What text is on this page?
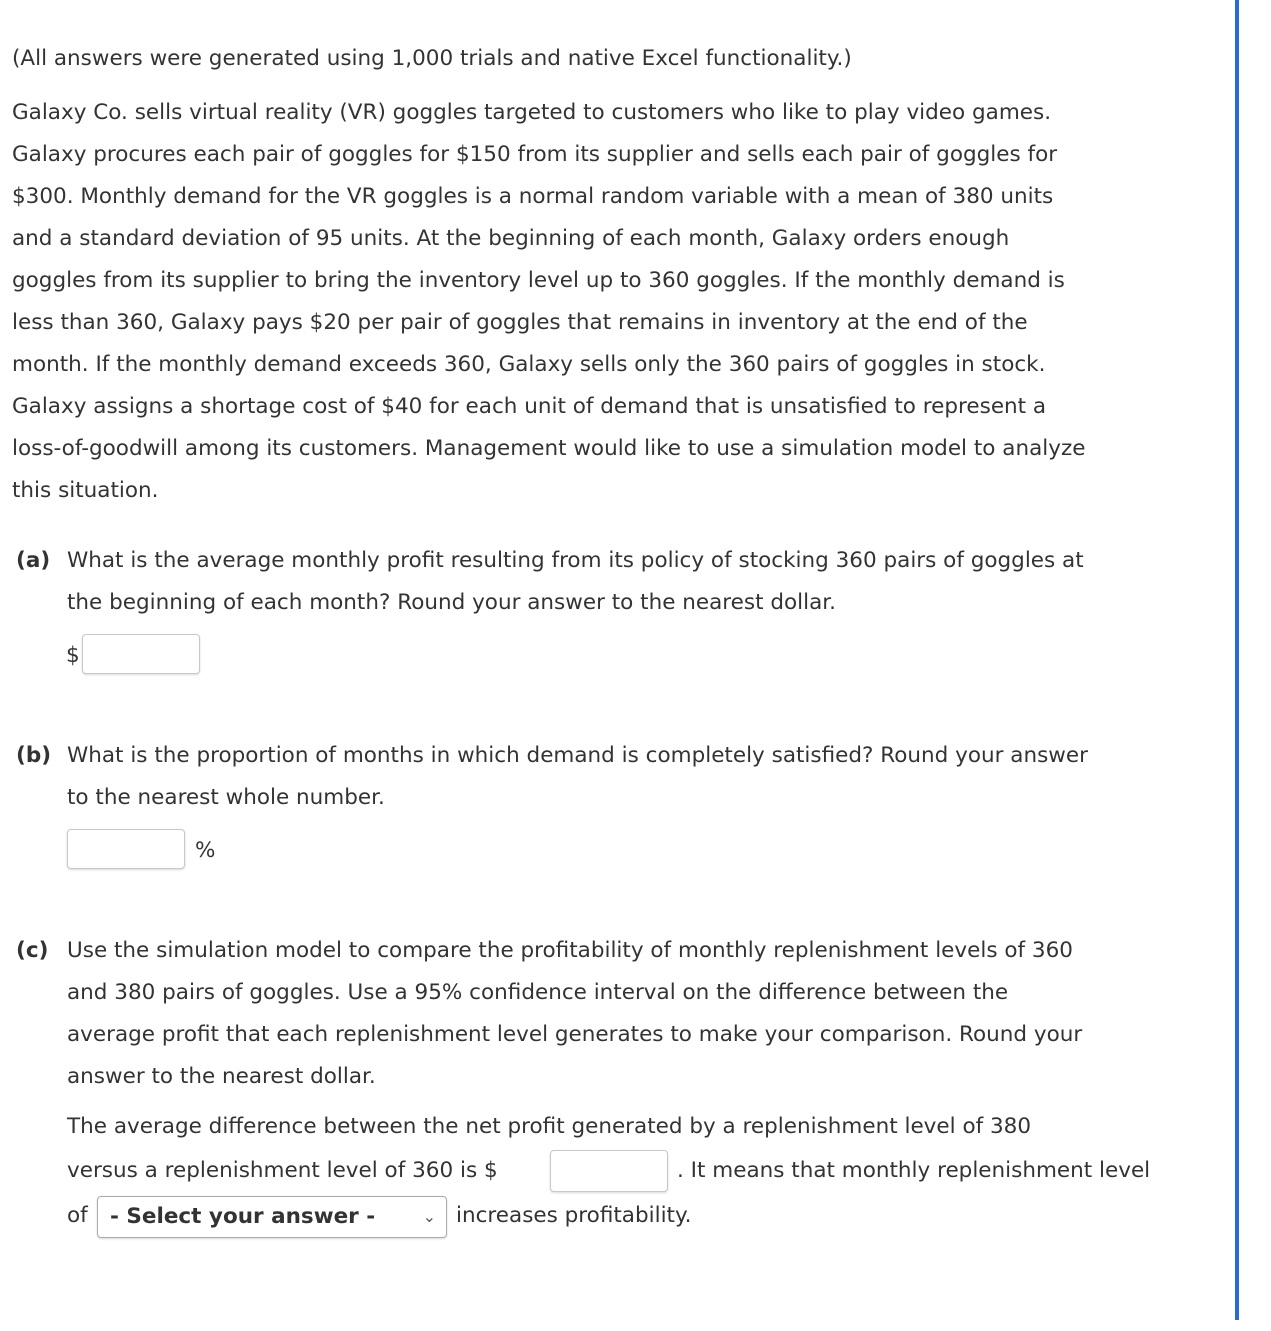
(All answers were generated using 1,000 trials and native Excel functionality.)
Galaxy Co. sells virtual reality (VR) goggles targeted to customers who like to play video games.
Galaxy procures each pair of goggles for $150 from its supplier and sells each pair of goggles for
$300. Monthly demand for the VR goggles is a normal random variable with a mean of 380 units
and a standard deviation of 95 units. At the beginning of each month, Galaxy orders enough
goggles from its supplier to bring the inventory level up to 360 goggles. If the monthly demand is
less than 360, Galaxy pays $20 per pair of goggles that remains in inventory at the end of the
month. If the monthly demand exceeds 360, Galaxy sells only the 360 pairs of goggles in stock.
Galaxy assigns a shortage cost of $40 for each unit of demand that is unsatisfied to represent a
loss-of-goodwill among its customers. Management would like to use a simulation model to analyze
this situation.
(a) What is the average monthly profit resulting from its policy of stocking 360 pairs of goggles at
the beginning of each month? Round your answer to the nearest dollar.
$
(b) What is the proportion of months in which demand is completely satisfied? Round your answer
to the nearest whole number.
%
(c) Use the simulation model to compare the profitability of monthly replenishment levels of 360
and 380 pairs of goggles. Use a 95% confidence interval on the difference between the
average profit that each replenishment level generates to make your comparison. Round your
answer to the nearest dollar.
The average difference between the net profit generated by a replenishment level of 380
versus a replenishment level of 360 is $	. It means that monthly replenishment level
of	- Select your answer -	⌄ increases profitability.
